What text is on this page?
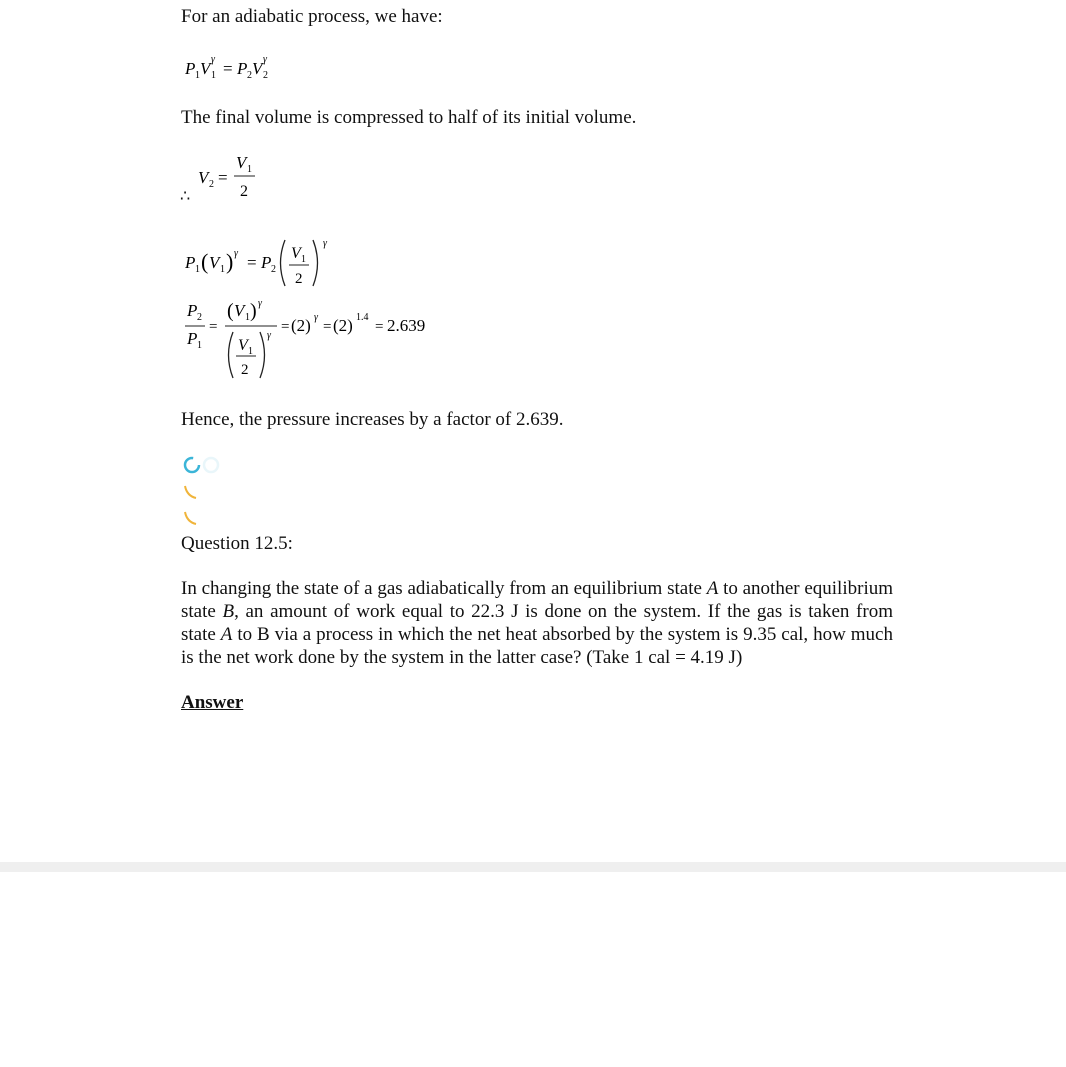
For an adiabatic process, we have:
P 1 V 1
γ = P 2 V 2
γ
The final volume is compressed to half of its initial volume.
V 2 =
V 1
2
∴
P 1 ( V 1 ) γ = P 2
V 1
2
γ
P 2
P 1
=
( V 1 ) γ
V 1
2
γ
= (2) γ
= (2) 1.4
= 2.639
Hence, the pressure increases by a factor of 2.639.
Question 12.5:
In changing the state of a gas adiabatically from an equilibrium state A to another equilibrium state B, an amount of work equal to 22.3 J is done on the system. If the gas is taken from state A to B via a process in which the net heat absorbed by the system is 9.35 cal, how much is the net work done by the system in the latter case? (Take 1 cal = 4.19 J)
Answer
